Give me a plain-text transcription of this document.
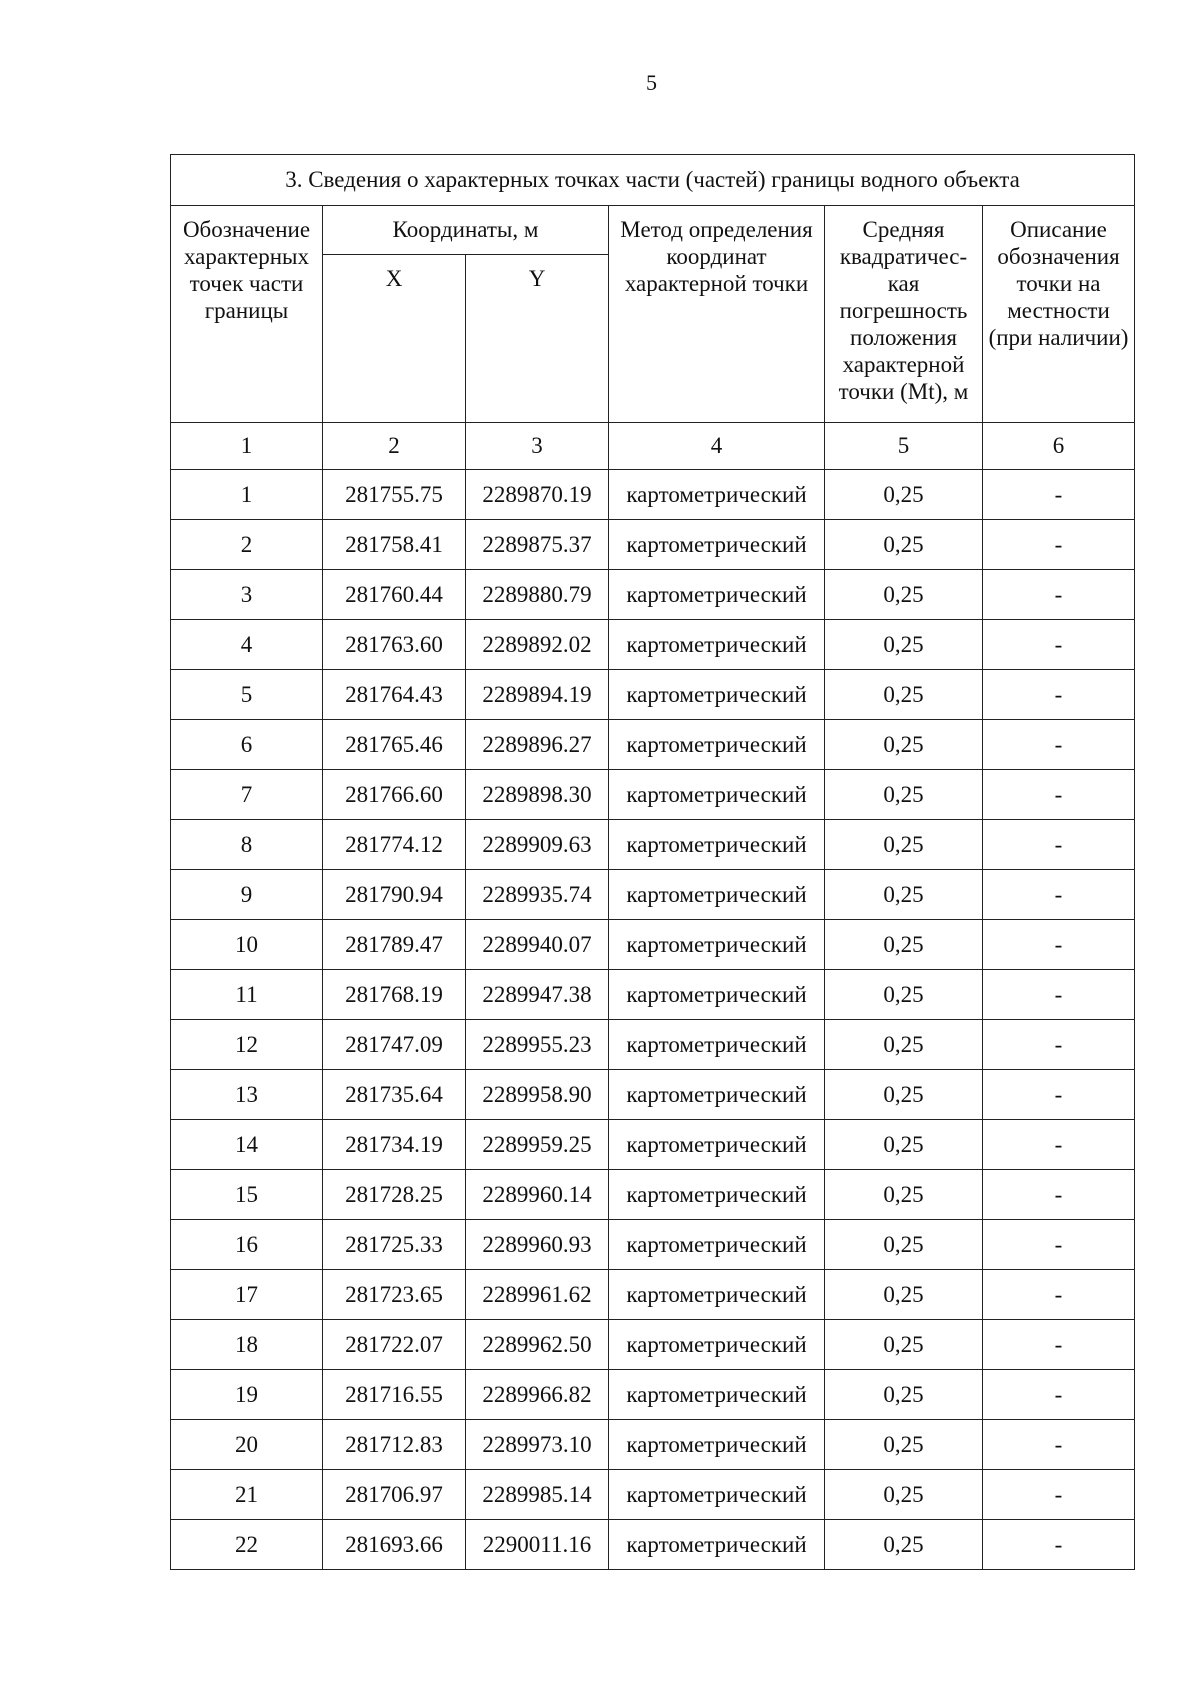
5
3. Сведения о характерных точках части (частей) границы водного объекта					
Обозначение характерных точек части границы	Координаты, м		Метод определения координат характерной точки	Средняя квадратичес-кая погрешность положения характерной точки (Mt), м	Описание обозначения точки на местности (при наличии)
	X	Y			
1	2	3	4	5	6
1	281755.75	2289870.19	картометрический	0,25	-
2	281758.41	2289875.37	картометрический	0,25	-
3	281760.44	2289880.79	картометрический	0,25	-
4	281763.60	2289892.02	картометрический	0,25	-
5	281764.43	2289894.19	картометрический	0,25	-
6	281765.46	2289896.27	картометрический	0,25	-
7	281766.60	2289898.30	картометрический	0,25	-
8	281774.12	2289909.63	картометрический	0,25	-
9	281790.94	2289935.74	картометрический	0,25	-
10	281789.47	2289940.07	картометрический	0,25	-
11	281768.19	2289947.38	картометрический	0,25	-
12	281747.09	2289955.23	картометрический	0,25	-
13	281735.64	2289958.90	картометрический	0,25	-
14	281734.19	2289959.25	картометрический	0,25	-
15	281728.25	2289960.14	картометрический	0,25	-
16	281725.33	2289960.93	картометрический	0,25	-
17	281723.65	2289961.62	картометрический	0,25	-
18	281722.07	2289962.50	картометрический	0,25	-
19	281716.55	2289966.82	картометрический	0,25	-
20	281712.83	2289973.10	картометрический	0,25	-
21	281706.97	2289985.14	картометрический	0,25	-
22	281693.66	2290011.16	картометрический	0,25	-
